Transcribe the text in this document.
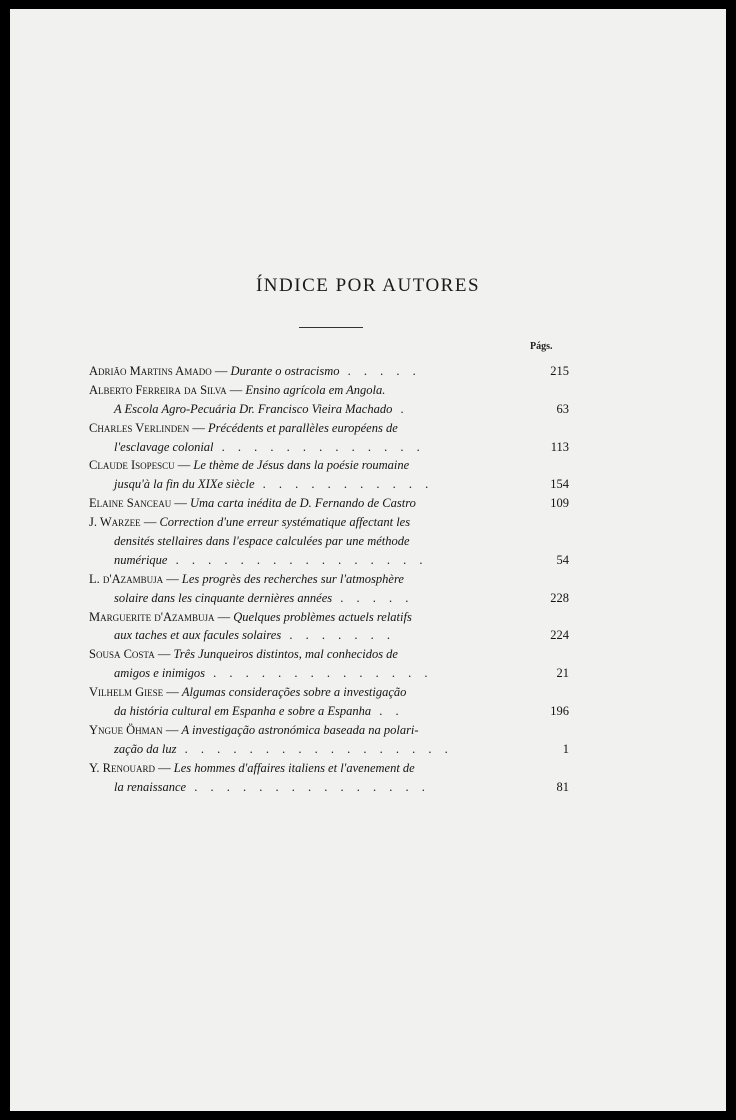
ÍNDICE POR AUTORES
Págs.
Adrião Martins Amado — Durante o ostracismo . . . . .	215
Alberto Ferreira da Silva — Ensino agrícola em Angola.
A Escola Agro-Pecuária Dr. Francisco Vieira Machado .	63
Charles Verlinden — Précédents et parallèles européens de
l'esclavage colonial . . . . . . . . . . . . .	113
Claude Isopescu — Le thème de Jésus dans la poésie roumaine
jusqu'à la fin du XIXe siècle . . . . . . . . . . .	154
Elaine Sanceau — Uma carta inédita de D. Fernando de Castro	109
J. Warzee — Correction d'une erreur systématique affectant les
densités stellaires dans l'espace calculées par une méthode
numérique . . . . . . . . . . . . . . . .	54
L. d'Azambuja — Les progrès des recherches sur l'atmosphère
solaire dans les cinquante dernières années . . . . .	228
Marguerite d'Azambuja — Quelques problèmes actuels relatifs
aux taches et aux facules solaires . . . . . . .	224
Sousa Costa — Três Junqueiros distintos, mal conhecidos de
amigos e inimigos . . . . . . . . . . . . . .	21
Vilhelm Giese — Algumas considerações sobre a investigação
da história cultural em Espanha e sobre a Espanha . .	196
Yngue Öhman — A investigação astronómica baseada na polari-
zação da luz . . . . . . . . . . . . . . . . .	1
Y. Renouard — Les hommes d'affaires italiens et l'avenement de
la renaissance . . . . . . . . . . . . . . .	81
